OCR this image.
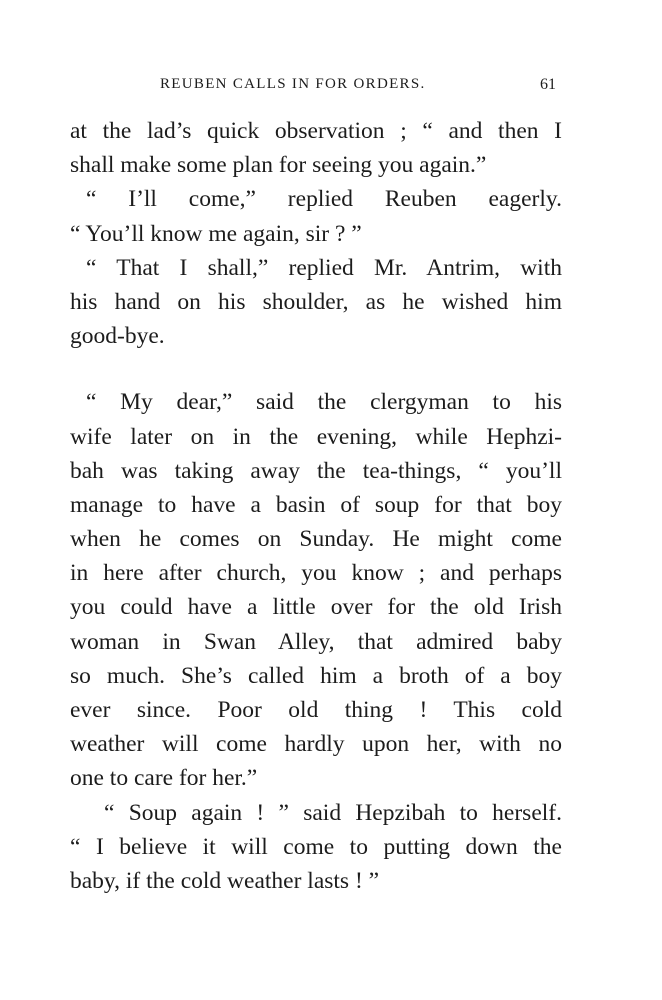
REUBEN CALLS IN FOR ORDERS.	61
at the lad’s quick observation ; “ and then I
shall make some plan for seeing you again.”
“ I’ll come,” replied Reuben eagerly.
“ You’ll know me again, sir ? ”
“ That I shall,” replied Mr. Antrim, with
his hand on his shoulder, as he wished him
good-bye.
“ My dear,” said the clergyman to his
wife later on in the evening, while Hephzi-
bah was taking away the tea-things, “ you’ll
manage to have a basin of soup for that boy
when he comes on Sunday. He might come
in here after church, you know ; and perhaps
you could have a little over for the old Irish
woman in Swan Alley, that admired baby
so much. She’s called him a broth of a boy
ever since. Poor old thing ! This cold
weather will come hardly upon her, with no
one to care for her.”
“ Soup again ! ” said Hepzibah to herself.
“ I believe it will come to putting down the
baby, if the cold weather lasts ! ”
